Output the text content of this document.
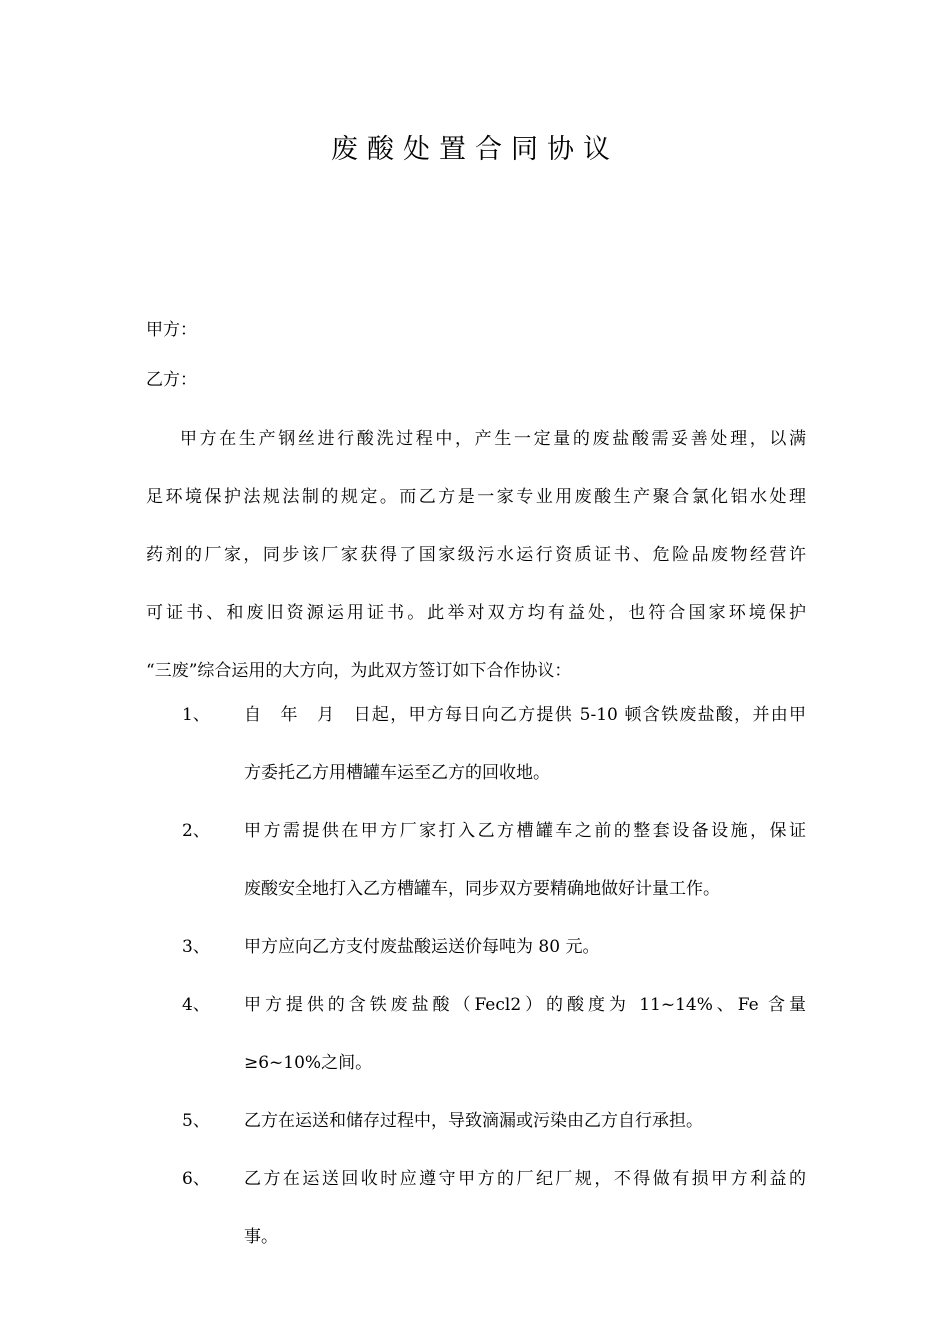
废酸处置合同协议
甲方：
乙方：
甲方在生产钢丝进行酸洗过程中，产生一定量的废盐酸需妥善处理，以满
足环境保护法规法制的规定。而乙方是一家专业用废酸生产聚合氯化铝水处理
药剂的厂家，同步该厂家获得了国家级污水运行资质证书、危险品废物经营许
可证书、和废旧资源运用证书。此举对双方均有益处，也符合国家环境保护
“三废”综合运用的大方向，为此双方签订如下合作协议：
1、	自　年　月　日起，甲方每日向乙方提供 5-10 顿含铁废盐酸，并由甲
方委托乙方用槽罐车运至乙方的回收地。
2、	甲方需提供在甲方厂家打入乙方槽罐车之前的整套设备设施，保证
废酸安全地打入乙方槽罐车，同步双方要精确地做好计量工作。
3、	甲方应向乙方支付废盐酸运送价每吨为 80 元。
4、	甲方提供的含铁废盐酸（Fecl2）的酸度为 11~14%、Fe 含量
≥6~10%之间。
5、	乙方在运送和储存过程中，导致滴漏或污染由乙方自行承担。
6、	乙方在运送回收时应遵守甲方的厂纪厂规，不得做有损甲方利益的
事。
